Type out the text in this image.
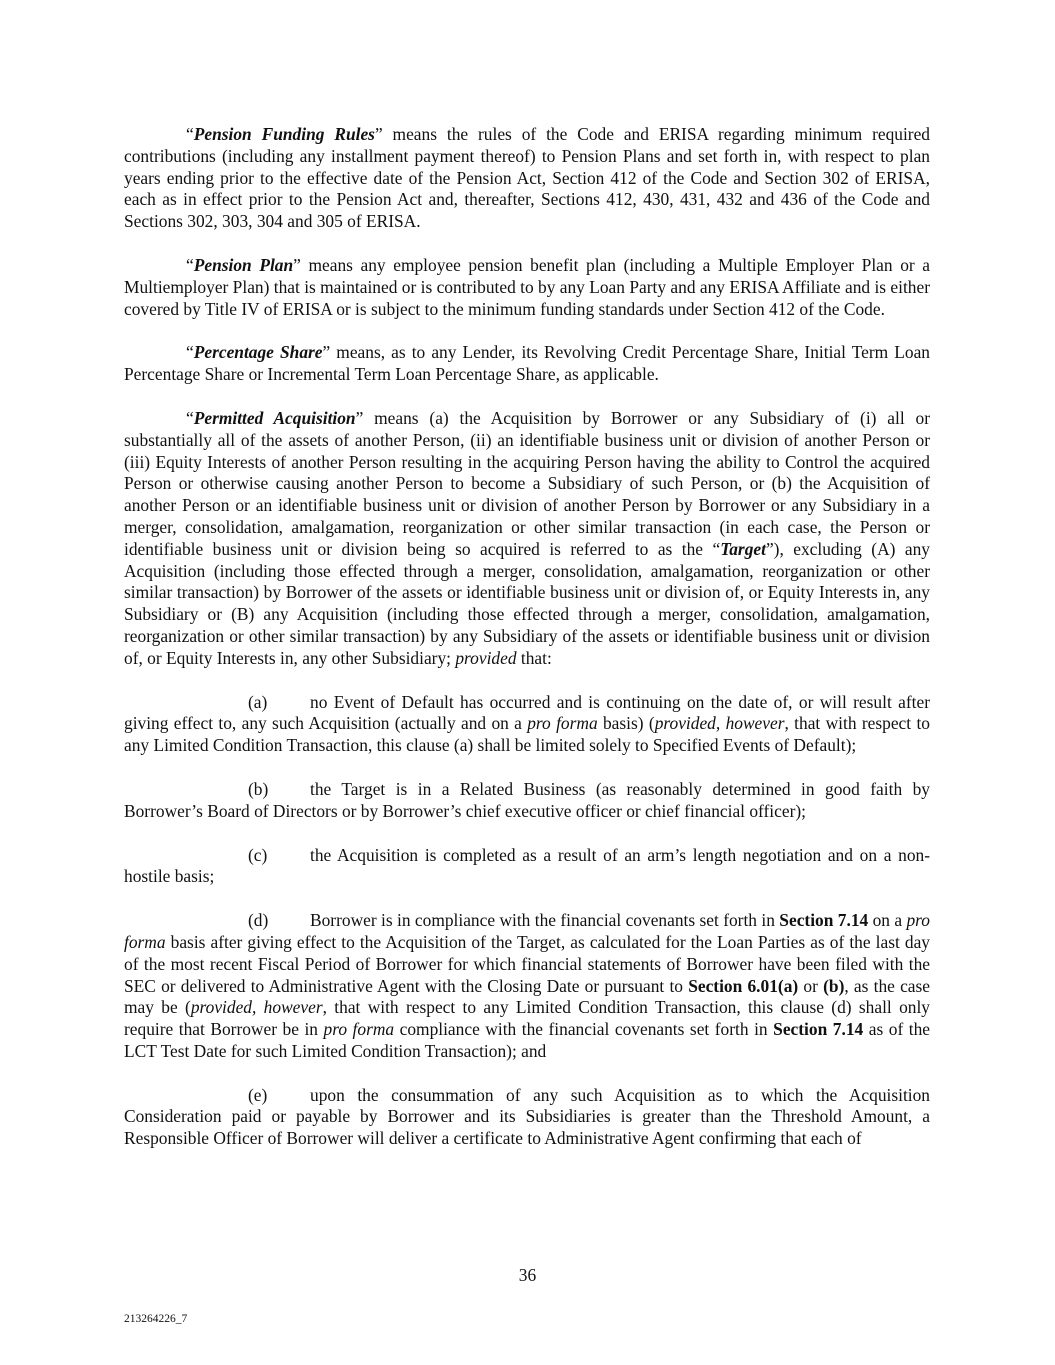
“Pension Funding Rules” means the rules of the Code and ERISA regarding minimum required contributions (including any installment payment thereof) to Pension Plans and set forth in, with respect to plan years ending prior to the effective date of the Pension Act, Section 412 of the Code and Section 302 of ERISA, each as in effect prior to the Pension Act and, thereafter, Sections 412, 430, 431, 432 and 436 of the Code and Sections 302, 303, 304 and 305 of ERISA.

“Pension Plan” means any employee pension benefit plan (including a Multiple Employer Plan or a Multiemployer Plan) that is maintained or is contributed to by any Loan Party and any ERISA Affiliate and is either covered by Title IV of ERISA or is subject to the minimum funding standards under Section 412 of the Code.

“Percentage Share” means, as to any Lender, its Revolving Credit Percentage Share, Initial Term Loan Percentage Share or Incremental Term Loan Percentage Share, as applicable.

“Permitted Acquisition” means (a) the Acquisition by Borrower or any Subsidiary of (i) all or substantially all of the assets of another Person, (ii) an identifiable business unit or division of another Person or (iii) Equity Interests of another Person resulting in the acquiring Person having the ability to Control the acquired Person or otherwise causing another Person to become a Subsidiary of such Person, or (b) the Acquisition of another Person or an identifiable business unit or division of another Person by Borrower or any Subsidiary in a merger, consolidation, amalgamation, reorganization or other similar transaction (in each case, the Person or identifiable business unit or division being so acquired is referred to as the “Target”), excluding (A) any Acquisition (including those effected through a merger, consolidation, amalgamation, reorganization or other similar transaction) by Borrower of the assets or identifiable business unit or division of, or Equity Interests in, any Subsidiary or (B) any Acquisition (including those effected through a merger, consolidation, amalgamation, reorganization or other similar transaction) by any Subsidiary of the assets or identifiable business unit or division of, or Equity Interests in, any other Subsidiary; provided that:

(a) no Event of Default has occurred and is continuing on the date of, or will result after giving effect to, any such Acquisition (actually and on a pro forma basis) (provided, however, that with respect to any Limited Condition Transaction, this clause (a) shall be limited solely to Specified Events of Default);

(b) the Target is in a Related Business (as reasonably determined in good faith by Borrower’s Board of Directors or by Borrower’s chief executive officer or chief financial officer);

(c) the Acquisition is completed as a result of an arm’s length negotiation and on a non-hostile basis;

(d) Borrower is in compliance with the financial covenants set forth in Section 7.14 on a pro forma basis after giving effect to the Acquisition of the Target, as calculated for the Loan Parties as of the last day of the most recent Fiscal Period of Borrower for which financial statements of Borrower have been filed with the SEC or delivered to Administrative Agent with the Closing Date or pursuant to Section 6.01(a) or (b), as the case may be (provided, however, that with respect to any Limited Condition Transaction, this clause (d) shall only require that Borrower be in pro forma compliance with the financial covenants set forth in Section 7.14 as of the LCT Test Date for such Limited Condition Transaction); and

(e) upon the consummation of any such Acquisition as to which the Acquisition Consideration paid or payable by Borrower and its Subsidiaries is greater than the Threshold Amount, a Responsible Officer of Borrower will deliver a certificate to Administrative Agent confirming that each of

36
213264226_7
